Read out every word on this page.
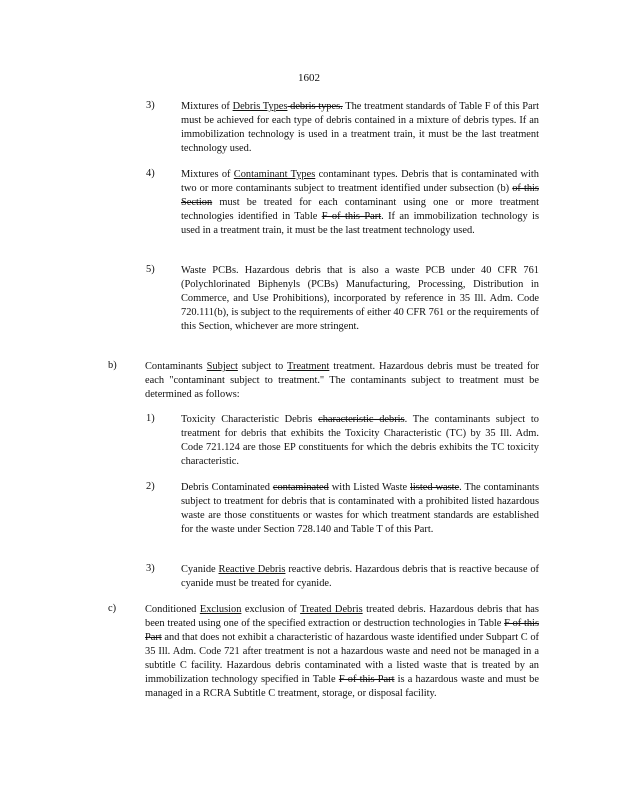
1602
3)	Mixtures of Debris Types debris types. The treatment standards of Table F of this Part must be achieved for each type of debris contained in a mixture of debris types. If an immobilization technology is used in a treatment train, it must be the last treatment technology used.
4)	Mixtures of Contaminant Types contaminant types. Debris that is contaminated with two or more contaminants subject to treatment identified under subsection (b) of this Section must be treated for each contaminant using one or more treatment technologies identified in Table F of this Part. If an immobilization technology is used in a treatment train, it must be the last treatment technology used.
5)	Waste PCBs. Hazardous debris that is also a waste PCB under 40 CFR 761 (Polychlorinated Biphenyls (PCBs) Manufacturing, Processing, Distribution in Commerce, and Use Prohibitions), incorporated by reference in 35 Ill. Adm. Code 720.111(b), is subject to the requirements of either 40 CFR 761 or the requirements of this Section, whichever are more stringent.
b)	Contaminants Subject subject to Treatment treatment. Hazardous debris must be treated for each "contaminant subject to treatment." The contaminants subject to treatment must be determined as follows:
1)	Toxicity Characteristic Debris characteristic debris. The contaminants subject to treatment for debris that exhibits the Toxicity Characteristic (TC) by 35 Ill. Adm. Code 721.124 are those EP constituents for which the debris exhibits the TC toxicity characteristic.
2)	Debris Contaminated contaminated with Listed Waste listed waste. The contaminants subject to treatment for debris that is contaminated with a prohibited listed hazardous waste are those constituents or wastes for which treatment standards are established for the waste under Section 728.140 and Table T of this Part.
3)	Cyanide Reactive Debris reactive debris. Hazardous debris that is reactive because of cyanide must be treated for cyanide.
c)	Conditioned Exclusion exclusion of Treated Debris treated debris. Hazardous debris that has been treated using one of the specified extraction or destruction technologies in Table F of this Part and that does not exhibit a characteristic of hazardous waste identified under Subpart C of 35 Ill. Adm. Code 721 after treatment is not a hazardous waste and need not be managed in a subtitle C facility. Hazardous debris contaminated with a listed waste that is treated by an immobilization technology specified in Table F of this Part is a hazardous waste and must be managed in a RCRA Subtitle C treatment, storage, or disposal facility.
